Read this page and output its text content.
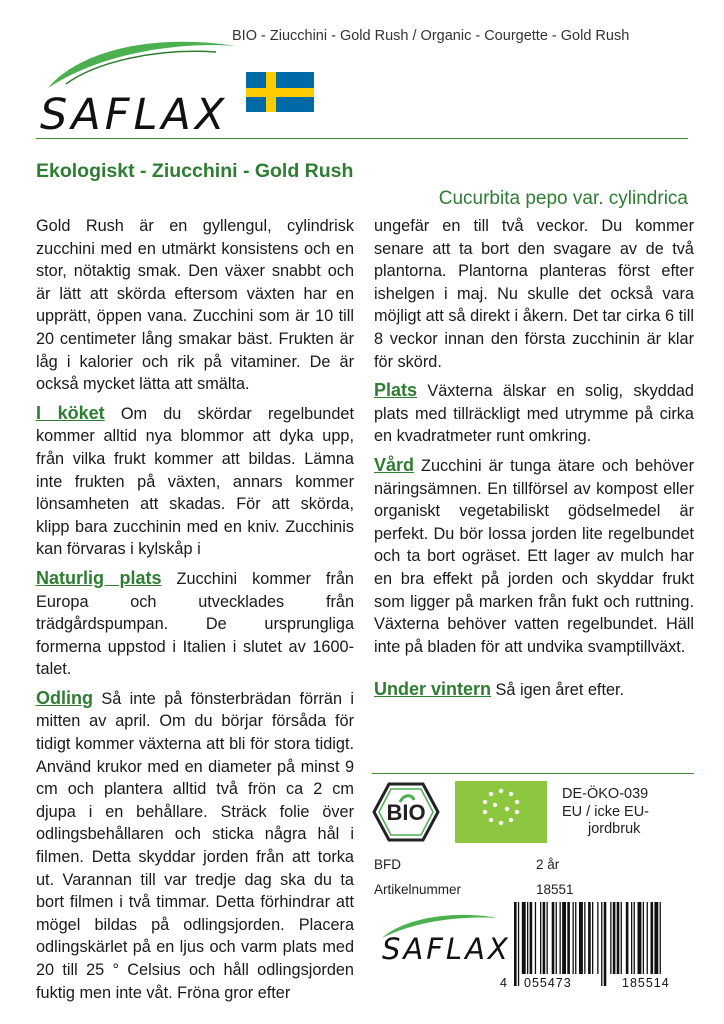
BIO - Ziucchini - Gold Rush / Organic - Courgette - Gold Rush
SAFLAX
Ekologiskt - Ziucchini - Gold Rush
Cucurbita pepo var. cylindrica

Gold Rush är en gyllengul, cylindrisk zucchini med en utmärkt konsistens och en stor, nötaktig smak. Den växer snabbt och är lätt att skörda eftersom växten har en upprätt, öppen vana. Zucchini som är 10 till 20 centimeter lång smakar bäst. Frukten är låg i kalorier och rik på vitaminer. De är också mycket lätta att smälta.

I köket Om du skördar regelbundet kommer alltid nya blommor att dyka upp, från vilka frukt kommer att bildas. Lämna inte frukten på växten, annars kommer lönsamheten att skadas. För att skörda, klipp bara zucchinin med en kniv. Zucchinis kan förvaras i kylskåp i

Naturlig plats Zucchini kommer från Europa och utvecklades från trädgårdspumpan. De ursprungliga formerna uppstod i Italien i slutet av 1600-talet.

Odling Så inte på fönsterbrädan förrän i mitten av april. Om du börjar försåda för tidigt kommer växterna att bli för stora tidigt. Använd krukor med en diameter på minst 9 cm och plantera alltid två frön ca 2 cm djupa i en behållare. Sträck folie över odlingsbehållaren och sticka några hål i filmen. Detta skyddar jorden från att torka ut. Varannan till var tredje dag ska du ta bort filmen i två timmar. Detta förhindrar att mögel bildas på odlingsjorden. Placera odlingskärlet på en ljus och varm plats med 20 till 25 ° Celsius och håll odlingsjorden fuktig men inte våt. Fröna gror efter

ungefär en till två veckor. Du kommer senare att ta bort den svagare av de två plantorna. Plantorna planteras först efter ishelgen i maj. Nu skulle det också vara möjligt att så direkt i åkern. Det tar cirka 6 till 8 veckor innan den första zucchinin är klar för skörd.

Plats Växterna älskar en solig, skyddad plats med tillräckligt med utrymme på cirka en kvadratmeter runt omkring.

Vård Zucchini är tunga ätare och behöver näringsämnen. En tillförsel av kompost eller organiskt vegetabiliskt gödselmedel är perfekt. Du bör lossa jorden lite regelbundet och ta bort ogräset. Ett lager av mulch har en bra effekt på jorden och skyddar frukt som ligger på marken från fukt och ruttning. Växterna behöver vatten regelbundet. Häll inte på bladen för att undvika svamptillväxt.

Under vintern Så igen året efter.

BIO
DE-ÖKO-039
EU / icke EU-
jordbruk
BFD	2 år
Artikelnummer	18551
SAFLAX
4 055473	185514
